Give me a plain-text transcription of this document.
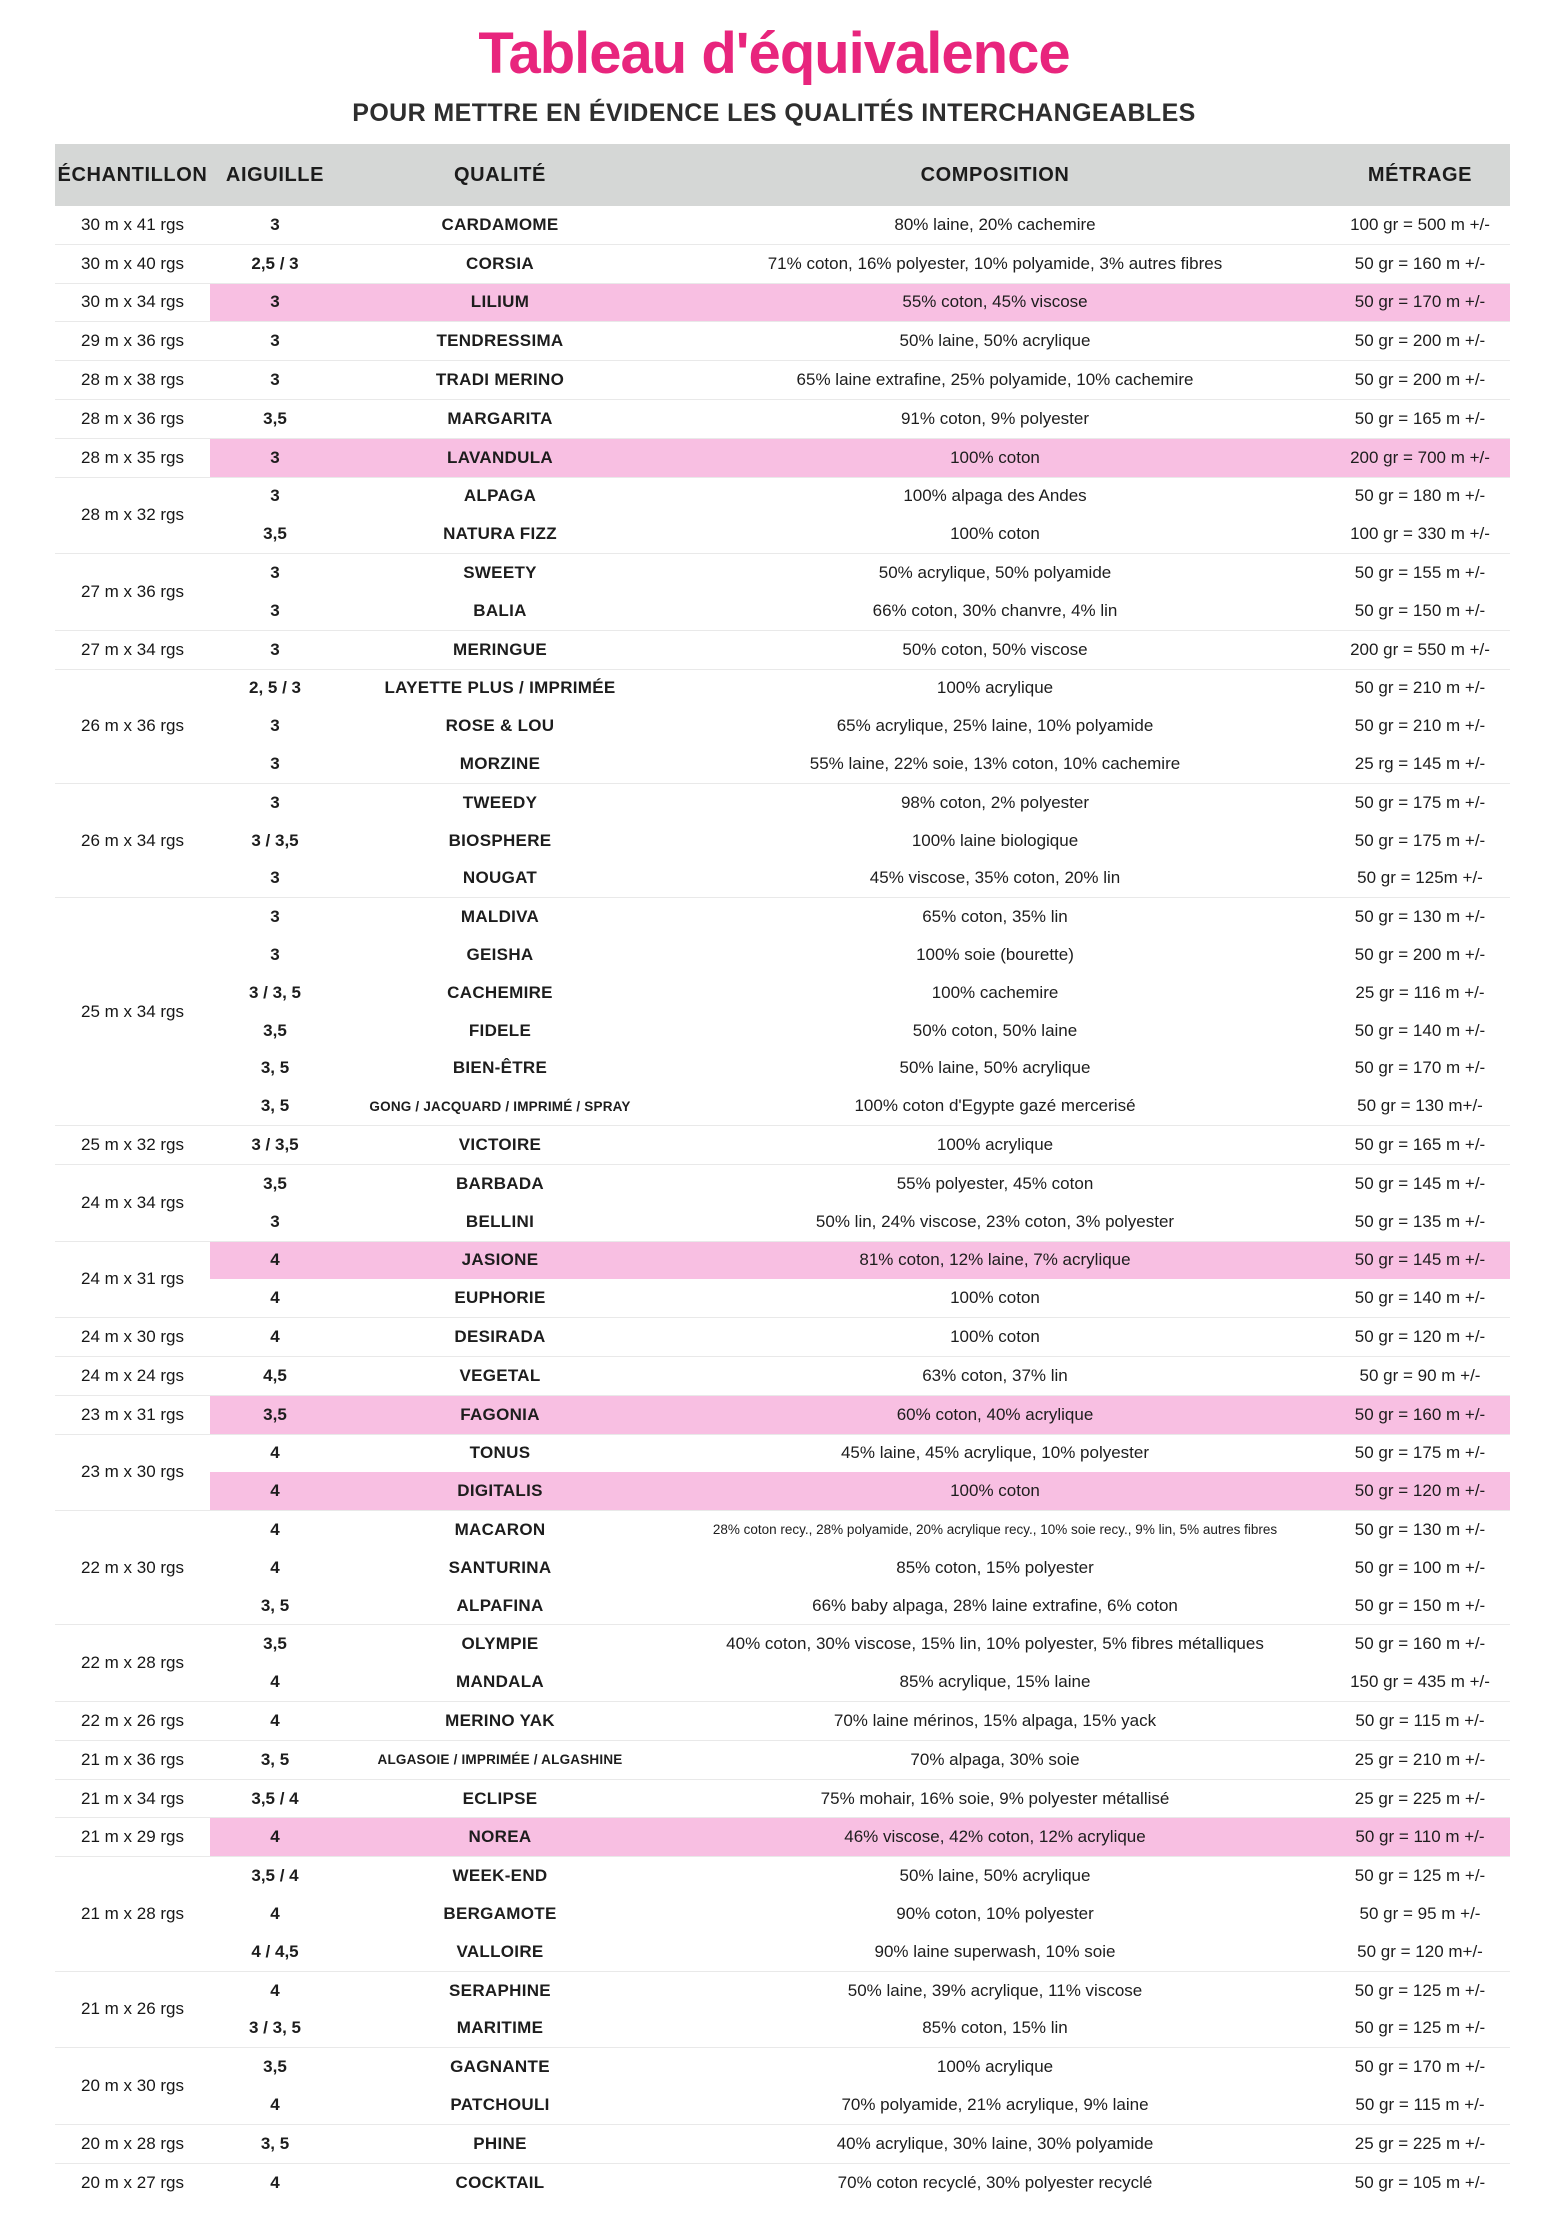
Tableau d'équivalence
POUR METTRE EN ÉVIDENCE LES QUALITÉS INTERCHANGEABLES
ÉCHANTILLON	AIGUILLE	QUALITÉ	COMPOSITION	MÉTRAGE
30 m x 41 rgs	3	CARDAMOME	80% laine, 20% cachemire	100 gr = 500 m +/-
30 m x 40 rgs	2,5 / 3	CORSIA	71% coton, 16% polyester, 10% polyamide, 3% autres fibres	50 gr = 160 m +/-
30 m x 34 rgs	3	LILIUM	55% coton, 45% viscose	50 gr = 170 m +/-
29 m x 36 rgs	3	TENDRESSIMA	50% laine, 50% acrylique	50 gr = 200 m +/-
28 m x 38 rgs	3	TRADI MERINO	65% laine extrafine, 25% polyamide, 10% cachemire	50 gr = 200 m +/-
28 m x 36 rgs	3,5	MARGARITA	91% coton, 9% polyester	50 gr = 165 m +/-
28 m x 35 rgs	3	LAVANDULA	100% coton	200 gr = 700 m +/-
28 m x 32 rgs	3	ALPAGA	100% alpaga des Andes	50 gr = 180 m +/-
	3,5	NATURA FIZZ	100% coton	100 gr = 330 m +/-
27 m x 36 rgs	3	SWEETY	50% acrylique, 50% polyamide	50 gr = 155 m +/-
	3	BALIA	66% coton, 30% chanvre, 4% lin	50 gr = 150 m +/-
27 m x 34 rgs	3	MERINGUE	50% coton, 50% viscose	200 gr = 550 m +/-
26 m x 36 rgs	2, 5 / 3	LAYETTE PLUS / IMPRIMÉE	100% acrylique	50 gr = 210 m +/-
	3	ROSE & LOU	65% acrylique, 25% laine, 10% polyamide	50 gr = 210 m +/-
	3	MORZINE	55% laine, 22% soie, 13% coton, 10% cachemire	25 rg = 145 m +/-
26 m x 34 rgs	3	TWEEDY	98% coton, 2% polyester	50 gr = 175 m +/-
	3 / 3,5	BIOSPHERE	100% laine biologique	50 gr = 175 m +/-
	3	NOUGAT	45% viscose, 35% coton, 20% lin	50 gr = 125m +/-
25 m x 34 rgs	3	MALDIVA	65% coton, 35% lin	50 gr = 130 m +/-
	3	GEISHA	100% soie (bourette)	50 gr = 200 m +/-
	3 / 3, 5	CACHEMIRE	100% cachemire	25 gr = 116 m +/-
	3,5	FIDELE	50% coton, 50% laine	50 gr = 140 m +/-
	3, 5	BIEN-ÊTRE	50% laine, 50% acrylique	50 gr = 170 m +/-
	3, 5	GONG / JACQUARD / IMPRIMÉ / SPRAY	100% coton d'Egypte gazé mercerisé	50 gr = 130 m+/-
25 m x 32 rgs	3 / 3,5	VICTOIRE	100% acrylique	50 gr = 165 m +/-
24 m x 34 rgs	3,5	BARBADA	55% polyester, 45% coton	50 gr = 145 m +/-
	3	BELLINI	50% lin, 24% viscose, 23% coton, 3% polyester	50 gr = 135 m +/-
24 m x 31 rgs	4	JASIONE	81% coton, 12% laine, 7% acrylique	50 gr = 145 m +/-
	4	EUPHORIE	100% coton	50 gr = 140 m +/-
24 m x 30 rgs	4	DESIRADA	100% coton	50 gr = 120 m +/-
24 m x 24 rgs	4,5	VEGETAL	63% coton, 37% lin	50 gr = 90 m +/-
23 m x 31 rgs	3,5	FAGONIA	60% coton, 40% acrylique	50 gr = 160 m +/-
23 m x 30 rgs	4	TONUS	45% laine, 45% acrylique, 10% polyester	50 gr = 175 m +/-
	4	DIGITALIS	100% coton	50 gr = 120 m +/-
22 m x 30 rgs	4	MACARON	28% coton recy., 28% polyamide, 20% acrylique recy., 10% soie recy., 9% lin, 5% autres fibres	50 gr = 130 m +/-
	4	SANTURINA	85% coton, 15% polyester	50 gr = 100 m +/-
	3, 5	ALPAFINA	66% baby alpaga, 28% laine extrafine, 6% coton	50 gr = 150 m +/-
22 m x 28 rgs	3,5	OLYMPIE	40% coton, 30% viscose, 15% lin, 10% polyester, 5% fibres métalliques	50 gr = 160 m +/-
	4	MANDALA	85% acrylique, 15% laine	150 gr = 435 m +/-
22 m x 26 rgs	4	MERINO YAK	70% laine mérinos, 15% alpaga, 15% yack	50 gr = 115 m +/-
21 m x 36 rgs	3, 5	ALGASOIE / IMPRIMÉE / ALGASHINE	70% alpaga, 30% soie	25 gr = 210 m +/-
21 m x 34 rgs	3,5 / 4	ECLIPSE	75% mohair, 16% soie, 9% polyester métallisé	25 gr = 225 m +/-
21 m x 29 rgs	4	NOREA	46% viscose, 42% coton, 12% acrylique	50 gr = 110 m +/-
21 m x 28 rgs	3,5 / 4	WEEK-END	50% laine, 50% acrylique	50 gr = 125 m +/-
	4	BERGAMOTE	90% coton, 10% polyester	50 gr = 95 m +/-
	4 / 4,5	VALLOIRE	90% laine superwash, 10% soie	50 gr = 120 m+/-
21 m x 26 rgs	4	SERAPHINE	50% laine, 39% acrylique, 11% viscose	50 gr = 125 m +/-
	3 / 3, 5	MARITIME	85% coton, 15% lin	50 gr = 125 m +/-
20 m x 30 rgs	3,5	GAGNANTE	100% acrylique	50 gr = 170 m +/-
	4	PATCHOULI	70% polyamide, 21% acrylique, 9% laine	50 gr = 115 m +/-
20 m x 28 rgs	3, 5	PHINE	40% acrylique, 30% laine, 30% polyamide	25 gr = 225 m +/-
20 m x 27 rgs	4	COCKTAIL	70% coton recyclé, 30% polyester recyclé	50 gr = 105 m +/-
